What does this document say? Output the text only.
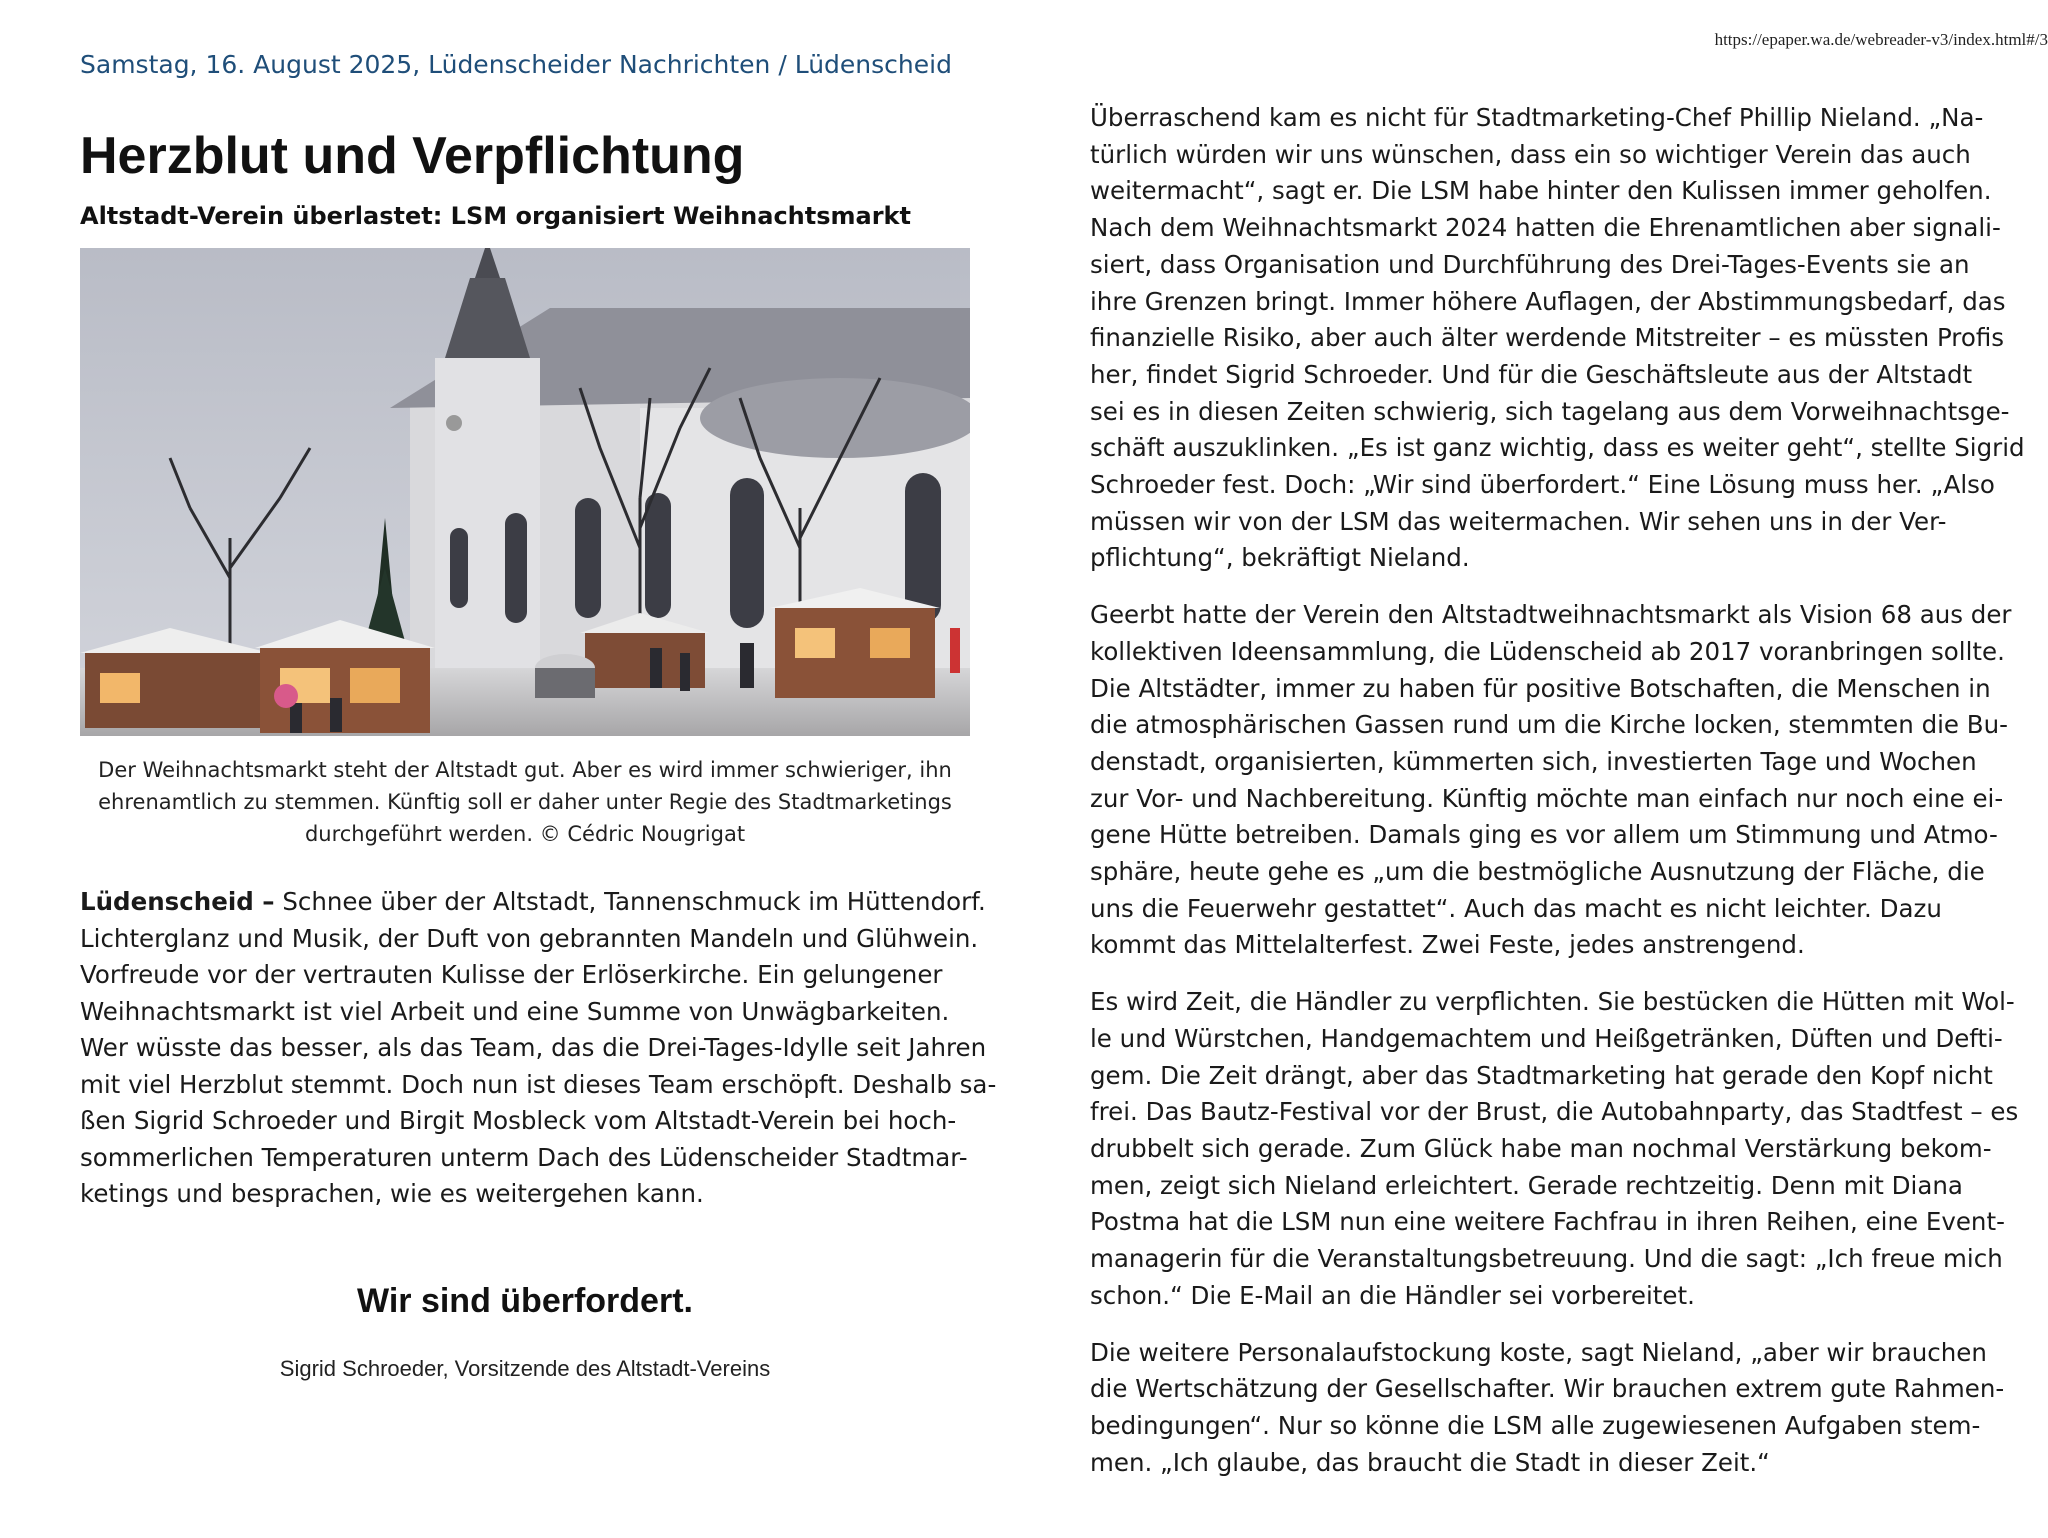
https://epaper.wa.de/webreader-v3/index.html#/3
Samstag, 16. August 2025, Lüdenscheider Nachrichten / Lüdenscheid
Herzblut und Verpflichtung
Altstadt-Verein überlastet: LSM organisiert Weihnachtsmarkt
Der Weihnachtsmarkt steht der Altstadt gut. Aber es wird immer schwieriger, ihn
ehrenamtlich zu stemmen. Künftig soll er daher unter Regie des Stadtmarketings
durchgeführt werden. © Cédric Nougrigat
Lüdenscheid – Schnee über der Altstadt, Tannenschmuck im Hüttendorf.
Lichterglanz und Musik, der Duft von gebrannten Mandeln und Glühwein.
Vorfreude vor der vertrauten Kulisse der Erlöserkirche. Ein gelungener
Weihnachtsmarkt ist viel Arbeit und eine Summe von Unwägbarkeiten.
Wer wüsste das besser, als das Team, das die Drei-Tages-Idylle seit Jahren
mit viel Herzblut stemmt. Doch nun ist dieses Team erschöpft. Deshalb sa-
ßen Sigrid Schroeder und Birgit Mosbleck vom Altstadt-Verein bei hoch-
sommerlichen Temperaturen unterm Dach des Lüdenscheider Stadtmar-
ketings und besprachen, wie es weitergehen kann.
Wir sind überfordert.
Sigrid Schroeder, Vorsitzende des Altstadt-Vereins
Überraschend kam es nicht für Stadtmarketing-Chef Phillip Nieland. „Na-
türlich würden wir uns wünschen, dass ein so wichtiger Verein das auch
weitermacht“, sagt er. Die LSM habe hinter den Kulissen immer geholfen.
Nach dem Weihnachtsmarkt 2024 hatten die Ehrenamtlichen aber signali-
siert, dass Organisation und Durchführung des Drei-Tages-Events sie an
ihre Grenzen bringt. Immer höhere Auflagen, der Abstimmungsbedarf, das
finanzielle Risiko, aber auch älter werdende Mitstreiter – es müssten Profis
her, findet Sigrid Schroeder. Und für die Geschäftsleute aus der Altstadt
sei es in diesen Zeiten schwierig, sich tagelang aus dem Vorweihnachtsge-
schäft auszuklinken. „Es ist ganz wichtig, dass es weiter geht“, stellte Sigrid
Schroeder fest. Doch: „Wir sind überfordert.“ Eine Lösung muss her. „Also
müssen wir von der LSM das weitermachen. Wir sehen uns in der Ver-
pflichtung“, bekräftigt Nieland.
Geerbt hatte der Verein den Altstadtweihnachtsmarkt als Vision 68 aus der
kollektiven Ideensammlung, die Lüdenscheid ab 2017 voranbringen sollte.
Die Altstädter, immer zu haben für positive Botschaften, die Menschen in
die atmosphärischen Gassen rund um die Kirche locken, stemmten die Bu-
denstadt, organisierten, kümmerten sich, investierten Tage und Wochen
zur Vor- und Nachbereitung. Künftig möchte man einfach nur noch eine ei-
gene Hütte betreiben. Damals ging es vor allem um Stimmung und Atmo-
sphäre, heute gehe es „um die bestmögliche Ausnutzung der Fläche, die
uns die Feuerwehr gestattet“. Auch das macht es nicht leichter. Dazu
kommt das Mittelalterfest. Zwei Feste, jedes anstrengend.
Es wird Zeit, die Händler zu verpflichten. Sie bestücken die Hütten mit Wol-
le und Würstchen, Handgemachtem und Heißgetränken, Düften und Defti-
gem. Die Zeit drängt, aber das Stadtmarketing hat gerade den Kopf nicht
frei. Das Bautz-Festival vor der Brust, die Autobahnparty, das Stadtfest – es
drubbelt sich gerade. Zum Glück habe man nochmal Verstärkung bekom-
men, zeigt sich Nieland erleichtert. Gerade rechtzeitig. Denn mit Diana
Postma hat die LSM nun eine weitere Fachfrau in ihren Reihen, eine Event-
managerin für die Veranstaltungsbetreuung. Und die sagt: „Ich freue mich
schon.“ Die E-Mail an die Händler sei vorbereitet.
Die weitere Personalaufstockung koste, sagt Nieland, „aber wir brauchen
die Wertschätzung der Gesellschafter. Wir brauchen extrem gute Rahmen-
bedingungen“. Nur so könne die LSM alle zugewiesenen Aufgaben stem-
men. „Ich glaube, das braucht die Stadt in dieser Zeit.“
